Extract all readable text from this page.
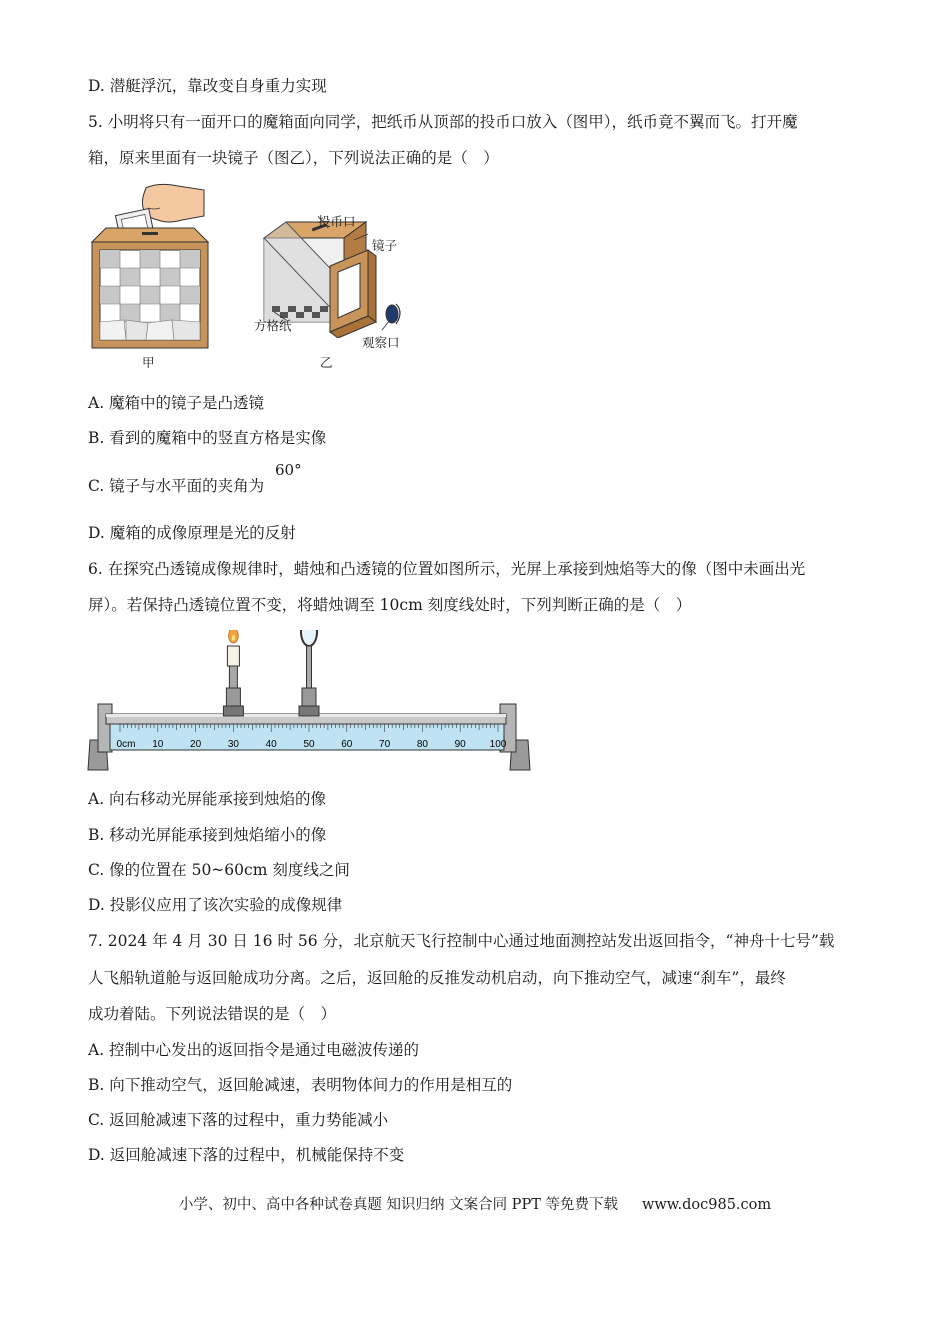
D. 潜艇浮沉，靠改变自身重力实现
5. 小明将只有一面开口的魔箱面向同学，把纸币从顶部的投币口放入（图甲），纸币竟不翼而飞。打开魔
箱，原来里面有一块镜子（图乙），下列说法正确的是（　）
甲
投币口
镜子
方格纸
观察口
乙
A. 魔箱中的镜子是凸透镜
B. 看到的魔箱中的竖直方格是实像
C. 镜子与水平面的夹角为
60°
D. 魔箱的成像原理是光的反射
6. 在探究凸透镜成像规律时，蜡烛和凸透镜的位置如图所示，光屏上承接到烛焰等大的像（图中未画出光
屏）。若保持凸透镜位置不变，将蜡烛调至 10cm 刻度线处时，下列判断正确的是（　）
0cm 10	20	30	40	50	60	70	80	90 100
A. 向右移动光屏能承接到烛焰的像
B. 移动光屏能承接到烛焰缩小的像
C. 像的位置在 50~60cm 刻度线之间
D. 投影仪应用了该次实验的成像规律
7. 2024 年 4 月 30 日 16 时 56 分，北京航天飞行控制中心通过地面测控站发出返回指令，“神舟十七号”载
人飞船轨道舱与返回舱成功分离。之后，返回舱的反推发动机启动，向下推动空气，减速“刹车”，最终
成功着陆。下列说法错误的是（　）
A. 控制中心发出的返回指令是通过电磁波传递的
B. 向下推动空气，返回舱减速，表明物体间力的作用是相互的
C. 返回舱减速下落的过程中，重力势能减小
D. 返回舱减速下落的过程中，机械能保持不变
小学、初中、高中各种试卷真题 知识归纳 文案合同 PPT 等免费下载 www.doc985.com
